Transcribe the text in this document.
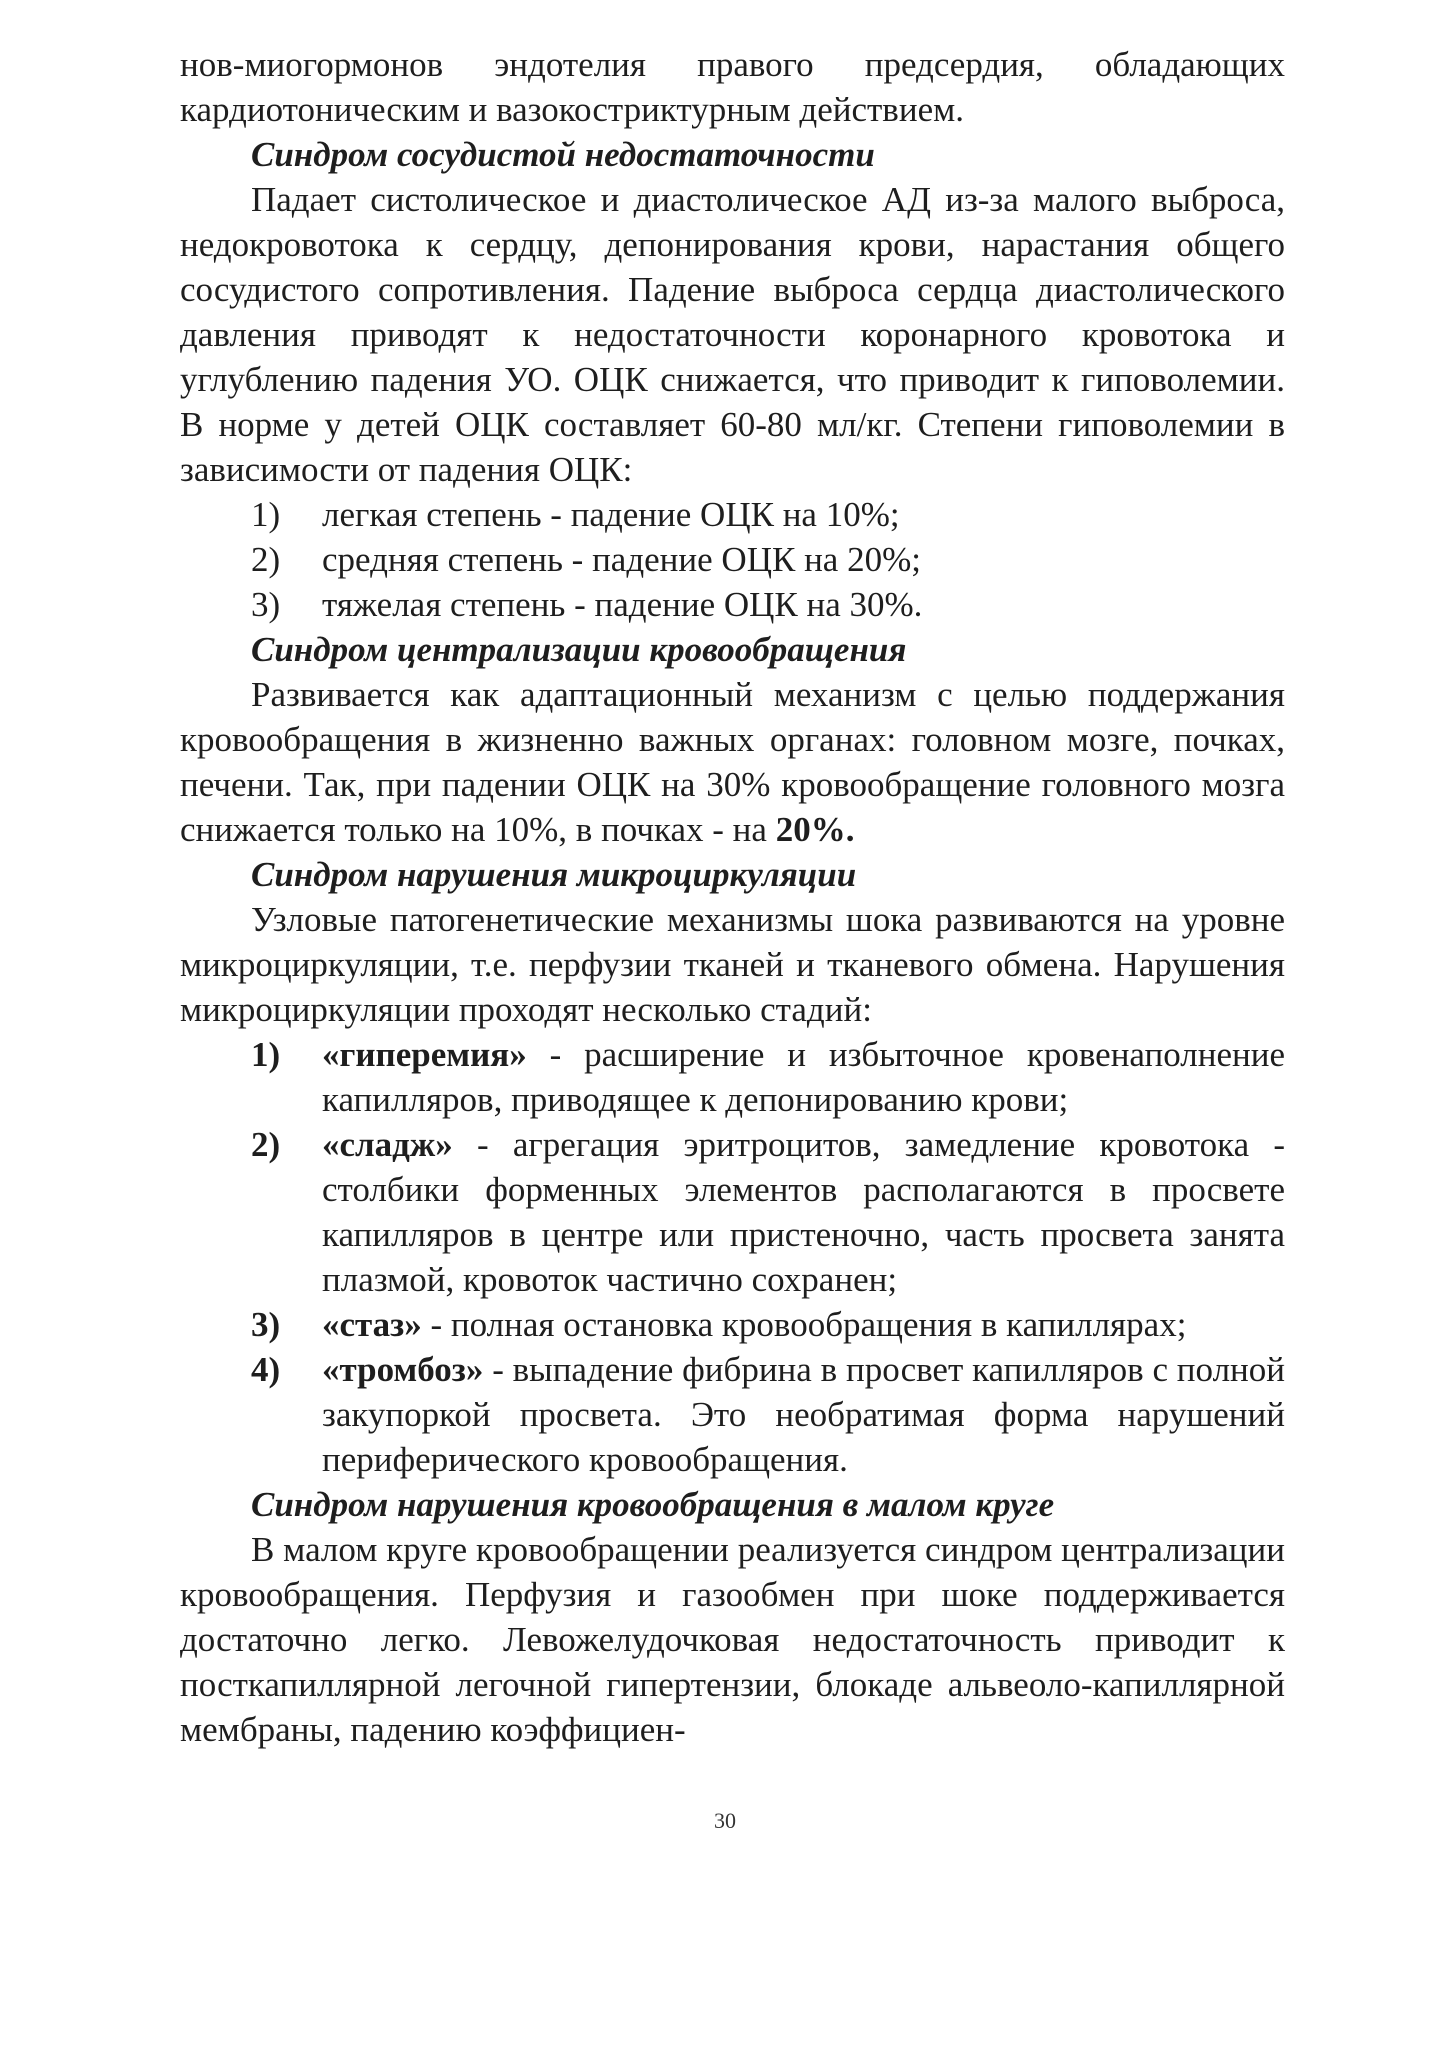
нов-миогормонов эндотелия правого предсердия, обладающих кардиотоническим и вазокостриктурным действием.

Синдром сосудистой недостаточности

Падает систолическое и диастолическое АД из-за малого выброса, недокровотока к сердцу, депонирования крови, нарастания общего сосудистого сопротивления. Падение выброса сердца диастолического давления приводят к недостаточности коронарного кровотока и углублению падения УО. ОЦК снижается, что приводит к гиповолемии. В норме у детей ОЦК составляет 60-80 мл/кг. Степени гиповолемии в зависимости от падения ОЦК:

1)	легкая степень - падение ОЦК на 10%;
2)	средняя степень - падение ОЦК на 20%;
3)	тяжелая степень - падение ОЦК на 30%.

Синдром централизации кровообращения

Развивается как адаптационный механизм с целью поддержания кровообращения в жизненно важных органах: головном мозге, почках, печени. Так, при падении ОЦК на 30% кровообращение головного мозга снижается только на 10%, в почках - на 20%.

Синдром нарушения микроциркуляции

Узловые патогенетические механизмы шока развиваются на уровне микроциркуляции, т.е. перфузии тканей и тканевого обмена. Нарушения микроциркуляции проходят несколько стадий:

1)	«гиперемия» - расширение и избыточное кровенаполнение капилляров, приводящее к депонированию крови;
2)	«сладж» - агрегация эритроцитов, замедление кровотока - столбики форменных элементов располагаются в просвете капилляров в центре или пристеночно, часть просвета занята плазмой, кровоток частично сохранен;
3)	«стаз» - полная остановка кровообращения в капиллярах;
4)	«тромбоз» - выпадение фибрина в просвет капилляров с полной закупоркой просвета. Это необратимая форма нарушений периферического кровообращения.

Синдром нарушения кровообращения в малом круге

В малом круге кровообращении реализуется синдром централизации кровообращения. Перфузия и газообмен при шоке поддерживается достаточно легко. Левожелудочковая недостаточность приводит к посткапиллярной легочной гипертензии, блокаде альвеоло-капиллярной мембраны, падению коэффициен-

30
